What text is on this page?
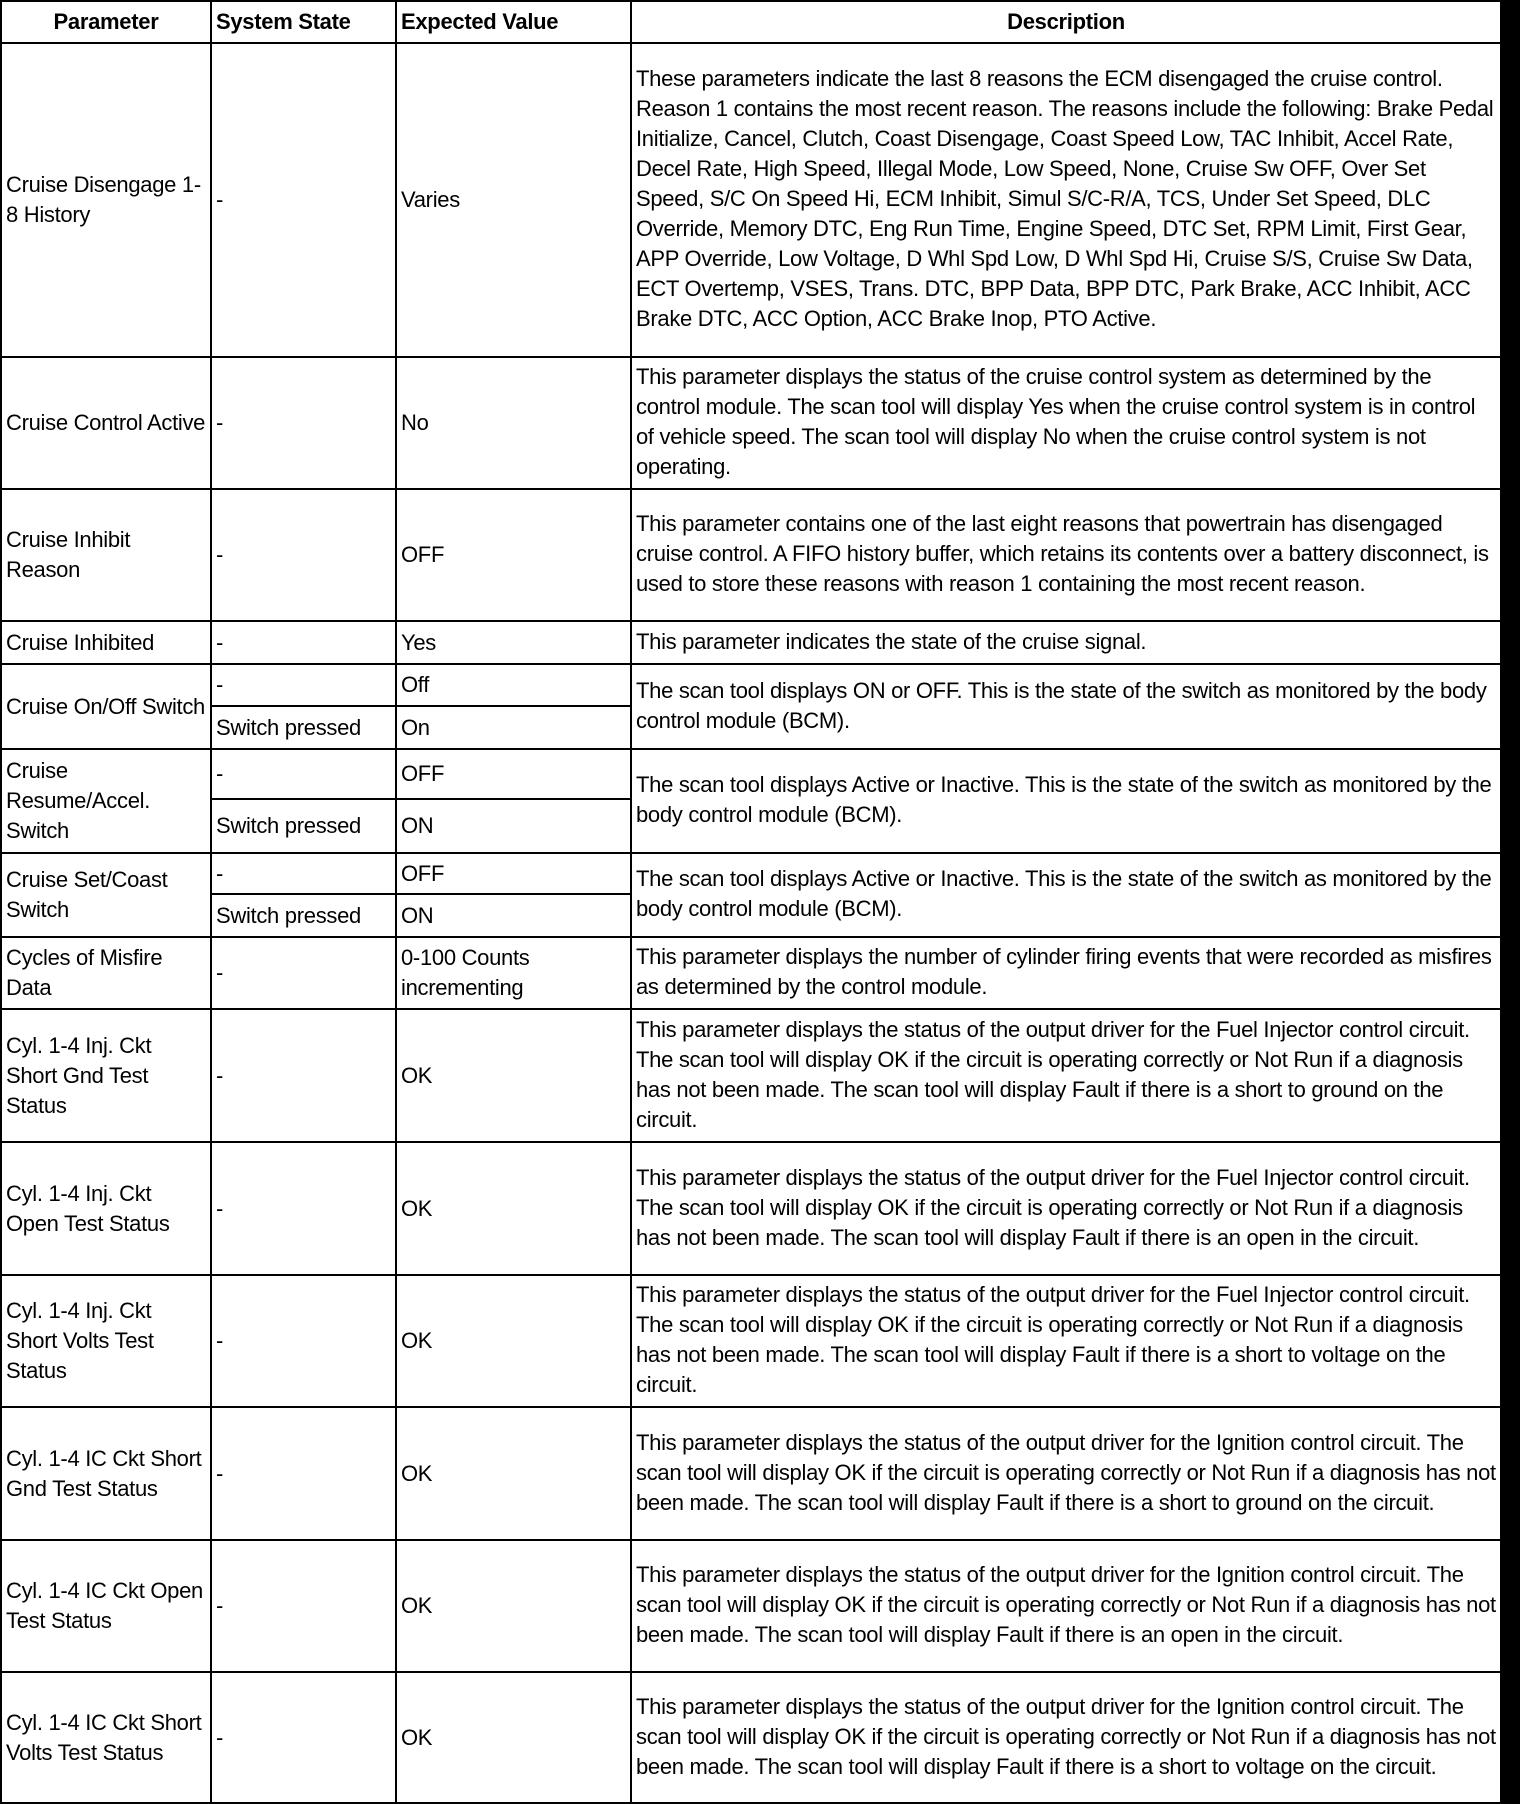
Parameter	System State	Expected Value	Description
Cruise Disengage 1-8 History	-	Varies	These parameters indicate the last 8 reasons the ECM disengaged the cruise control. Reason 1 contains the most recent reason. The reasons include the following: Brake Pedal Initialize, Cancel, Clutch, Coast Disengage, Coast Speed Low, TAC Inhibit, Accel Rate, Decel Rate, High Speed, Illegal Mode, Low Speed, None, Cruise Sw OFF, Over Set Speed, S/C On Speed Hi, ECM Inhibit, Simul S/C-R/A, TCS, Under Set Speed, DLC Override, Memory DTC, Eng Run Time, Engine Speed, DTC Set, RPM Limit, First Gear, APP Override, Low Voltage, D Whl Spd Low, D Whl Spd Hi, Cruise S/S, Cruise Sw Data, ECT Overtemp, VSES, Trans. DTC, BPP Data, BPP DTC, Park Brake, ACC Inhibit, ACC Brake DTC, ACC Option, ACC Brake Inop, PTO Active.
Cruise Control Active	-	No	This parameter displays the status of the cruise control system as determined by the control module. The scan tool will display Yes when the cruise control system is in control of vehicle speed. The scan tool will display No when the cruise control system is not operating.
Cruise Inhibit Reason	-	OFF	This parameter contains one of the last eight reasons that powertrain has disengaged cruise control. A FIFO history buffer, which retains its contents over a battery disconnect, is used to store these reasons with reason 1 containing the most recent reason.
Cruise Inhibited	-	Yes	This parameter indicates the state of the cruise signal.
Cruise On/Off Switch	-	Off	The scan tool displays ON or OFF. This is the state of the switch as monitored by the body control module (BCM).
	Switch pressed	On	
Cruise Resume/Accel. Switch	-	OFF	The scan tool displays Active or Inactive. This is the state of the switch as monitored by the body control module (BCM).
	Switch pressed	ON	
Cruise Set/Coast Switch	-	OFF	The scan tool displays Active or Inactive. This is the state of the switch as monitored by the body control module (BCM).
	Switch pressed	ON	
Cycles of Misfire Data	-	0-100 Counts incrementing	This parameter displays the number of cylinder firing events that were recorded as misfires as determined by the control module.
Cyl. 1-4 Inj. Ckt Short Gnd Test Status	-	OK	This parameter displays the status of the output driver for the Fuel Injector control circuit. The scan tool will display OK if the circuit is operating correctly or Not Run if a diagnosis has not been made. The scan tool will display Fault if there is a short to ground on the circuit.
Cyl. 1-4 Inj. Ckt Open Test Status	-	OK	This parameter displays the status of the output driver for the Fuel Injector control circuit. The scan tool will display OK if the circuit is operating correctly or Not Run if a diagnosis has not been made. The scan tool will display Fault if there is an open in the circuit.
Cyl. 1-4 Inj. Ckt Short Volts Test Status	-	OK	This parameter displays the status of the output driver for the Fuel Injector control circuit. The scan tool will display OK if the circuit is operating correctly or Not Run if a diagnosis has not been made. The scan tool will display Fault if there is a short to voltage on the circuit.
Cyl. 1-4 IC Ckt Short Gnd Test Status	-	OK	This parameter displays the status of the output driver for the Ignition control circuit. The scan tool will display OK if the circuit is operating correctly or Not Run if a diagnosis has not been made. The scan tool will display Fault if there is a short to ground on the circuit.
Cyl. 1-4 IC Ckt Open Test Status	-	OK	This parameter displays the status of the output driver for the Ignition control circuit. The scan tool will display OK if the circuit is operating correctly or Not Run if a diagnosis has not been made. The scan tool will display Fault if there is an open in the circuit.
Cyl. 1-4 IC Ckt Short Volts Test Status	-	OK	This parameter displays the status of the output driver for the Ignition control circuit. The scan tool will display OK if the circuit is operating correctly or Not Run if a diagnosis has not been made. The scan tool will display Fault if there is a short to voltage on the circuit.
